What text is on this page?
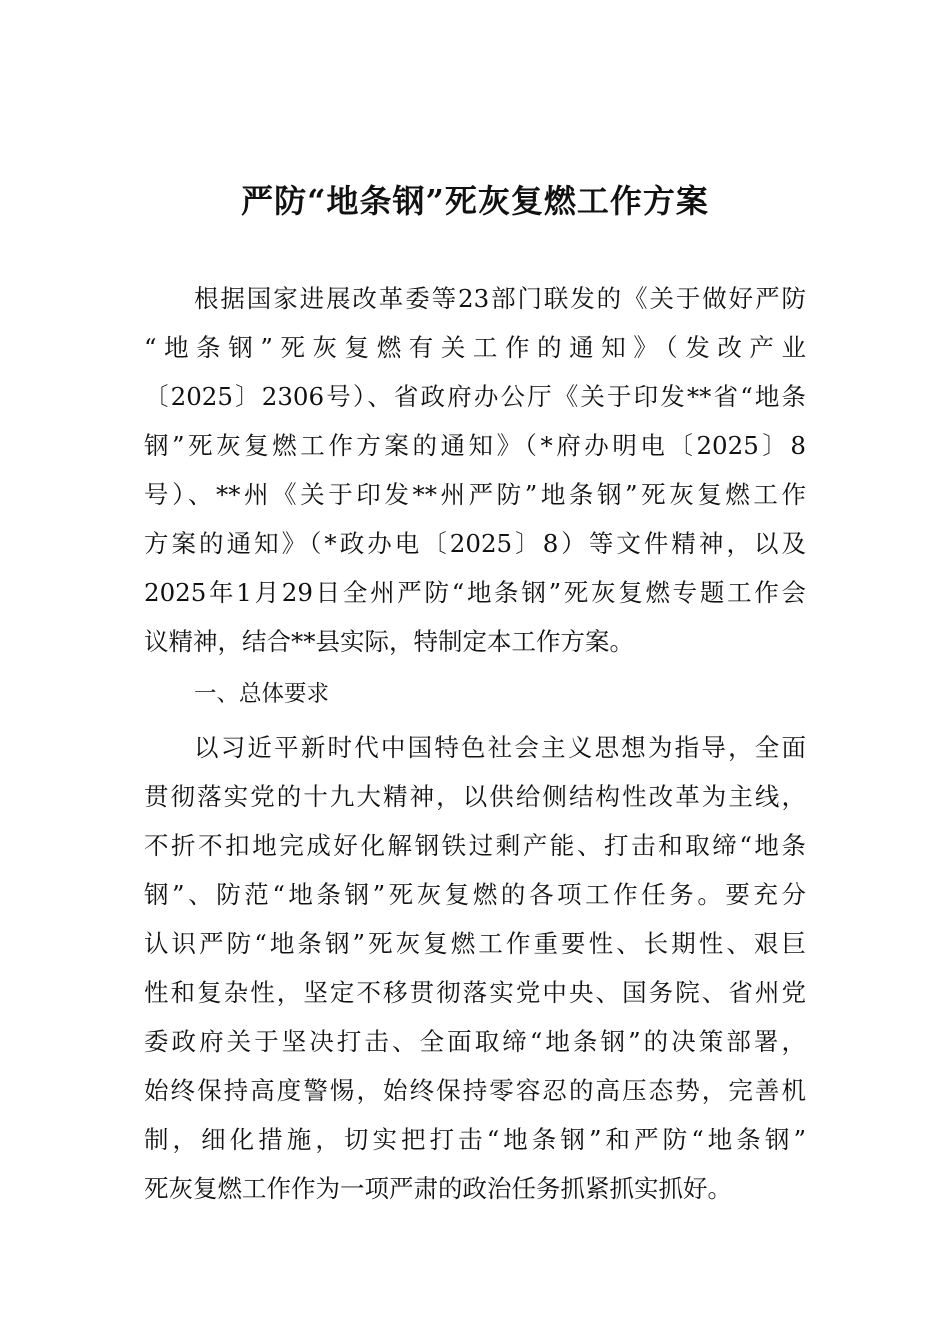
严防“地条钢”死灰复燃工作方案
根据国家进展改革委等23部门联发的《关于做好严防
“地条钢”死灰复燃有关工作的通知》（发改产业
〔2025〕2306号）、省政府办公厅《关于印发**省“地条
钢”死灰复燃工作方案的通知》（*府办明电〔2025〕8
号）、**州《关于印发**州严防”地条钢”死灰复燃工作
方案的通知》（*政办电〔2025〕8）等文件精神，以及
2025年1月29日全州严防“地条钢”死灰复燃专题工作会
议精神，结合**县实际，特制定本工作方案。
一、总体要求
以习近平新时代中国特色社会主义思想为指导，全面
贯彻落实党的十九大精神，以供给侧结构性改革为主线，
不折不扣地完成好化解钢铁过剩产能、打击和取缔“地条
钢”、防范“地条钢”死灰复燃的各项工作任务。要充分
认识严防“地条钢”死灰复燃工作重要性、长期性、艰巨
性和复杂性，坚定不移贯彻落实党中央、国务院、省州党
委政府关于坚决打击、全面取缔“地条钢”的决策部署，
始终保持高度警惕，始终保持零容忍的高压态势，完善机
制，细化措施，切实把打击“地条钢”和严防“地条钢”
死灰复燃工作作为一项严肃的政治任务抓紧抓实抓好。
